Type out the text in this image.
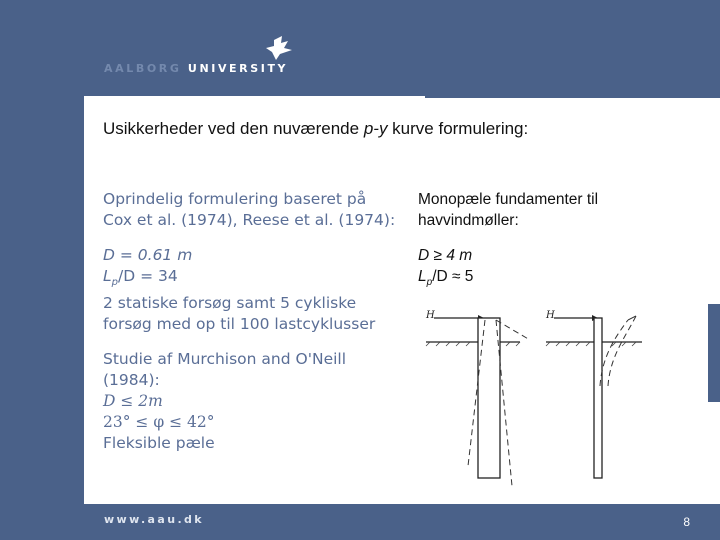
AALBORG UNIVERSITY
Usikkerheder ved den nuværende p-y kurve formulering:

Oprindelig formulering baseret på

Cox et al. (1974), Reese et al. (1974):

D = 0.61 m

$L_p/D = 34$

2 statiske forsøg samt 5 cykliske

forsøg med op til 100 lastcyklusser

Studie af Murchison and O'Neill

(1984):

D ≤ 2m

23° ≤ φ ≤ 42°

Fleksible pæle

Monopæle fundamenter til

havvindmøller:

D ≥ 4 m

$L_p/D \approx 5$

H	H
www.aau.dk	8
